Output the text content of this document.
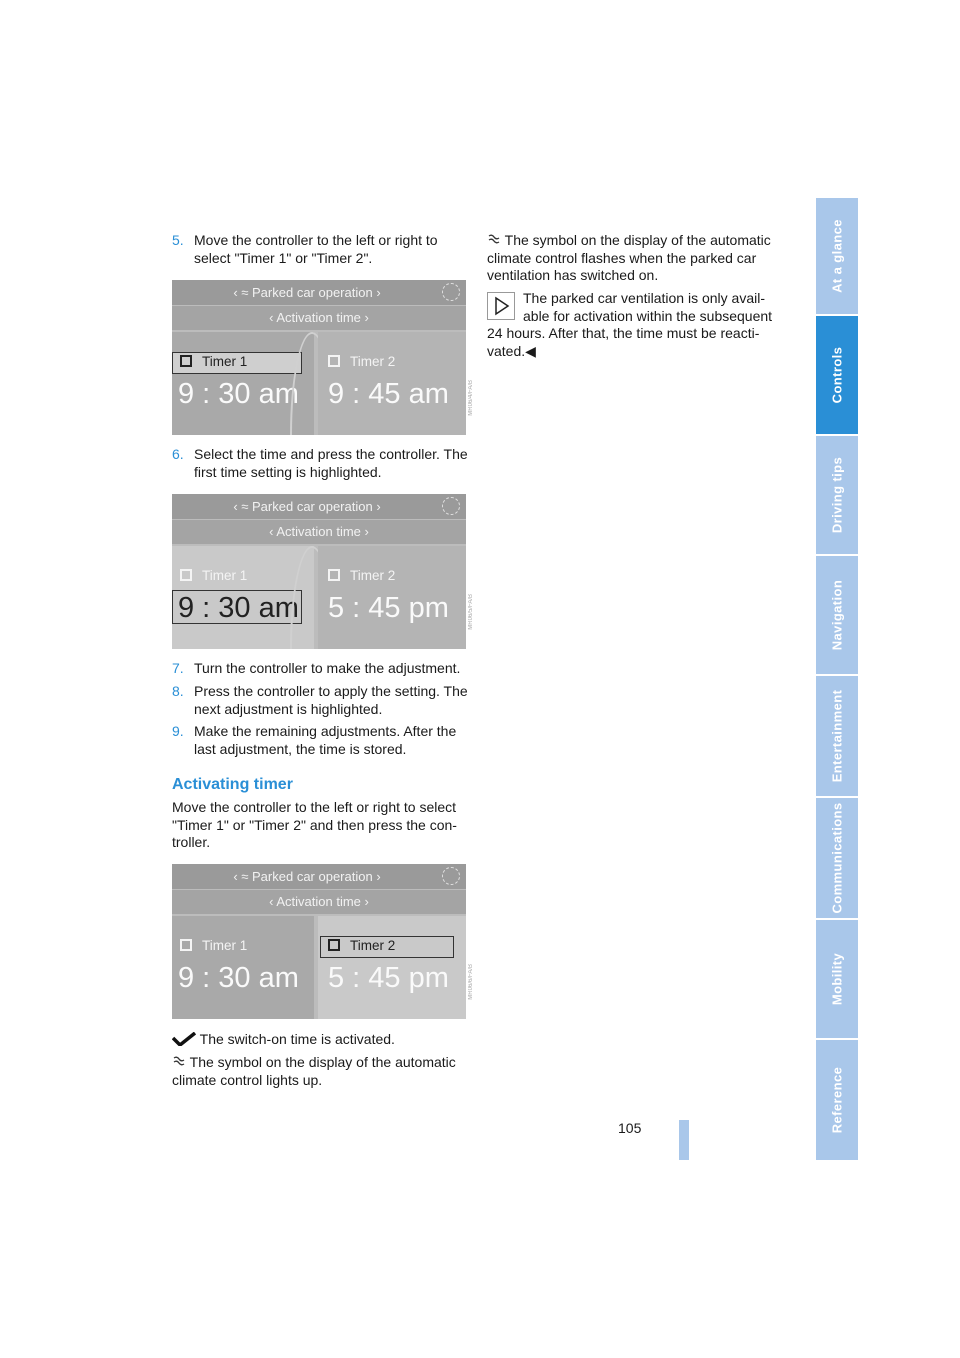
At a glance
Controls
Driving tips
Navigation
Entertainment
Communications
Mobility
Reference
5. Move the controller to the left or right to select "Timer 1" or "Timer 2".
‹ ≈ Parked car operation ›
‹ Activation time ›
Timer 1
9 : 30 am
Timer 2
9 : 45 am	MR06/4/FA/B
6. Select the time and press the controller. The first time setting is highlighted.
‹ ≈ Parked car operation ›
‹ Activation time ›
Timer 1
9 : 30 am
Timer 2
5 : 45 pm	MR06/5/FA/B
7. Turn the controller to make the adjustment.
8. Press the controller to apply the setting. The next adjustment is highlighted.
9. Make the remaining adjustments. After the last adjustment, the time is stored.
Activating timer
Move the controller to the left or right to select "Timer 1" or "Timer 2" and then press the con-troller.
‹ ≈ Parked car operation ›
‹ Activation time ›
Timer 1
9 : 30 am
Timer 2
5 : 45 pm	MR06/6/FA/B
The switch-on time is activated.
The symbol on the display of the automatic climate control lights up.
The symbol on the display of the automatic climate control flashes when the parked car ventilation has switched on.
The parked car ventilation is only avail-able for activation within the subsequent
24 hours. After that, the time must be reacti-vated.◀
105
